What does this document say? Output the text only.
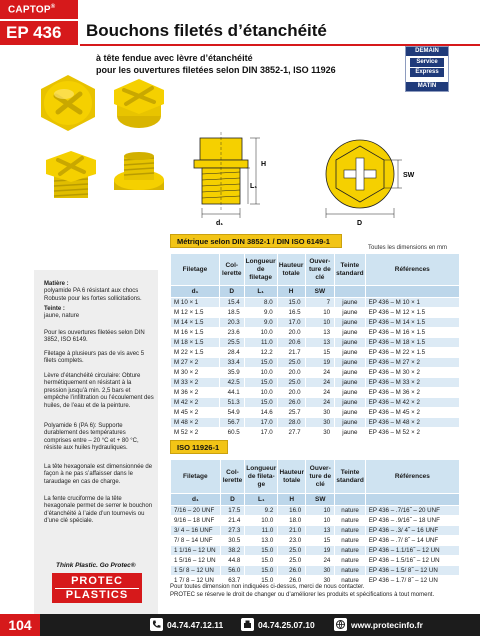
CAPTOP®
EP 436	Bouchons filetés d’étanchéité
à tête fendue avec lèvre d’étanchéité
pour les ouvertures filetées selon DIN 3852-1, ISO 11926
DEMAIN
Service
Express
MATIN
H
L₁
d₁
SW
D
Matière :
polyamide PA 6 résistant aux chocs Robuste pour les fortes sollicitations.
Teinte :
jaune, nature
Pour les ouvertures filetées selon DIN 3852, ISO 6149.
Filetage à plusieurs pas de vis avec 5 filets complets.
Lèvre d’étanchéité circulaire: Obture hermétiquement en résistant à la pression jusqu’à min. 2,5 bars et empêche l’infiltration ou l’écoulement des huiles, de l’eau et de la peinture.
Polyamide 6 (PA 6): Supporte durablement des températures comprises entre – 20 °C et + 80 °C, résiste aux huiles hydrauliques.
La tête hexagonale est dimensionnée de façon à ne pas s’affaisser dans le taraudage en cas de charge.
La fente cruciforme de la tête hexagonale permet de serrer le bouchon d’étanchéité à l’aide d’un tournevis ou d’une clé spéciale.
Think Plastic. Go Protec®
PROTEC
PLASTICS
Métrique selon DIN 3852-1 / DIN ISO 6149-1
Toutes les dimensions en mm
Filetage	Col-lerette	Longueur de filetage	Hauteur totale	Ouver-ture de clé	Teinte standard	Références
d₁	D	L₁	H	SW		
M 10 × 1	15.4	8.0	15.0	7	jaune	EP 436 – M 10 × 1
M 12 × 1.5	18.5	9.0	16.5	10	jaune	EP 436 – M 12 × 1.5
M 14 × 1.5	20.3	9.0	17.0	10	jaune	EP 436 – M 14 × 1.5
M 16 × 1.5	23.6	10.0	20.0	13	jaune	EP 436 – M 16 × 1.5
M 18 × 1.5	25.5	11.0	20.6	13	jaune	EP 436 – M 18 × 1.5
M 22 × 1.5	28.4	12.2	21.7	15	jaune	EP 436 – M 22 × 1.5
M 27 × 2	33.4	15.0	25.0	19	jaune	EP 436 – M 27 × 2
M 30 × 2	35.9	10.0	20.0	24	jaune	EP 436 – M 30 × 2
M 33 × 2	42.5	15.0	25.0	24	jaune	EP 436 – M 33 × 2
M 36 × 2	44.1	10.0	20.0	24	jaune	EP 436 – M 36 × 2
M 42 × 2	51.3	15.0	26.0	24	jaune	EP 436 – M 42 × 2
M 45 × 2	54.9	14.6	25.7	30	jaune	EP 436 – M 45 × 2
M 48 × 2	56.7	17.0	28.0	30	jaune	EP 436 – M 48 × 2
M 52 × 2	60.5	17.0	27.7	30	jaune	EP 436 – M 52 × 2
ISO 11926-1
Filetage	Col-lerette	Longueur de fileta-ge	Hauteur totale	Ouver-ture de clé	Teinte standard	Références
d₁	D	L₁	H	SW		
7/16 – 20 UNF	17.5	9.2	16.0	10	nature	EP 436 – .7/16˝ – 20 UNF
9/16 – 18 UNF	21.4	10.0	18.0	10	nature	EP 436 – .9/16˝ – 18 UNF
3/ 4 – 16 UNF	27.3	11.0	21.0	13	nature	EP 436 – .3/ 4˝ – 16 UNF
7/ 8 – 14 UNF	30.5	13.0	23.0	15	nature	EP 436 – .7/ 8˝ – 14 UNF
1 1/16 – 12 UN	38.2	15.0	25.0	19	nature	EP 436 – 1.1/16˝ – 12 UN
1 5/16 – 12 UN	44.8	15.0	25.0	24	nature	EP 436 – 1.5/16˝ – 12 UN
1 5/ 8 – 12 UN	56.0	15.0	26.0	30	nature	EP 436 – 1.5/ 8˝ – 12 UN
1 7/ 8 – 12 UN	63.7	15.0	26.0	30	nature	EP 436 – 1.7/ 8˝ – 12 UN
Pour toutes dimension non indiquées ci-dessus, merci de nous contacter.
PROTEC se réserve le droit de changer ou d’améliorer les produits et spécifications à tout moment.
104	04.74.47.12.11	04.74.25.07.10	www.protecinfo.fr
